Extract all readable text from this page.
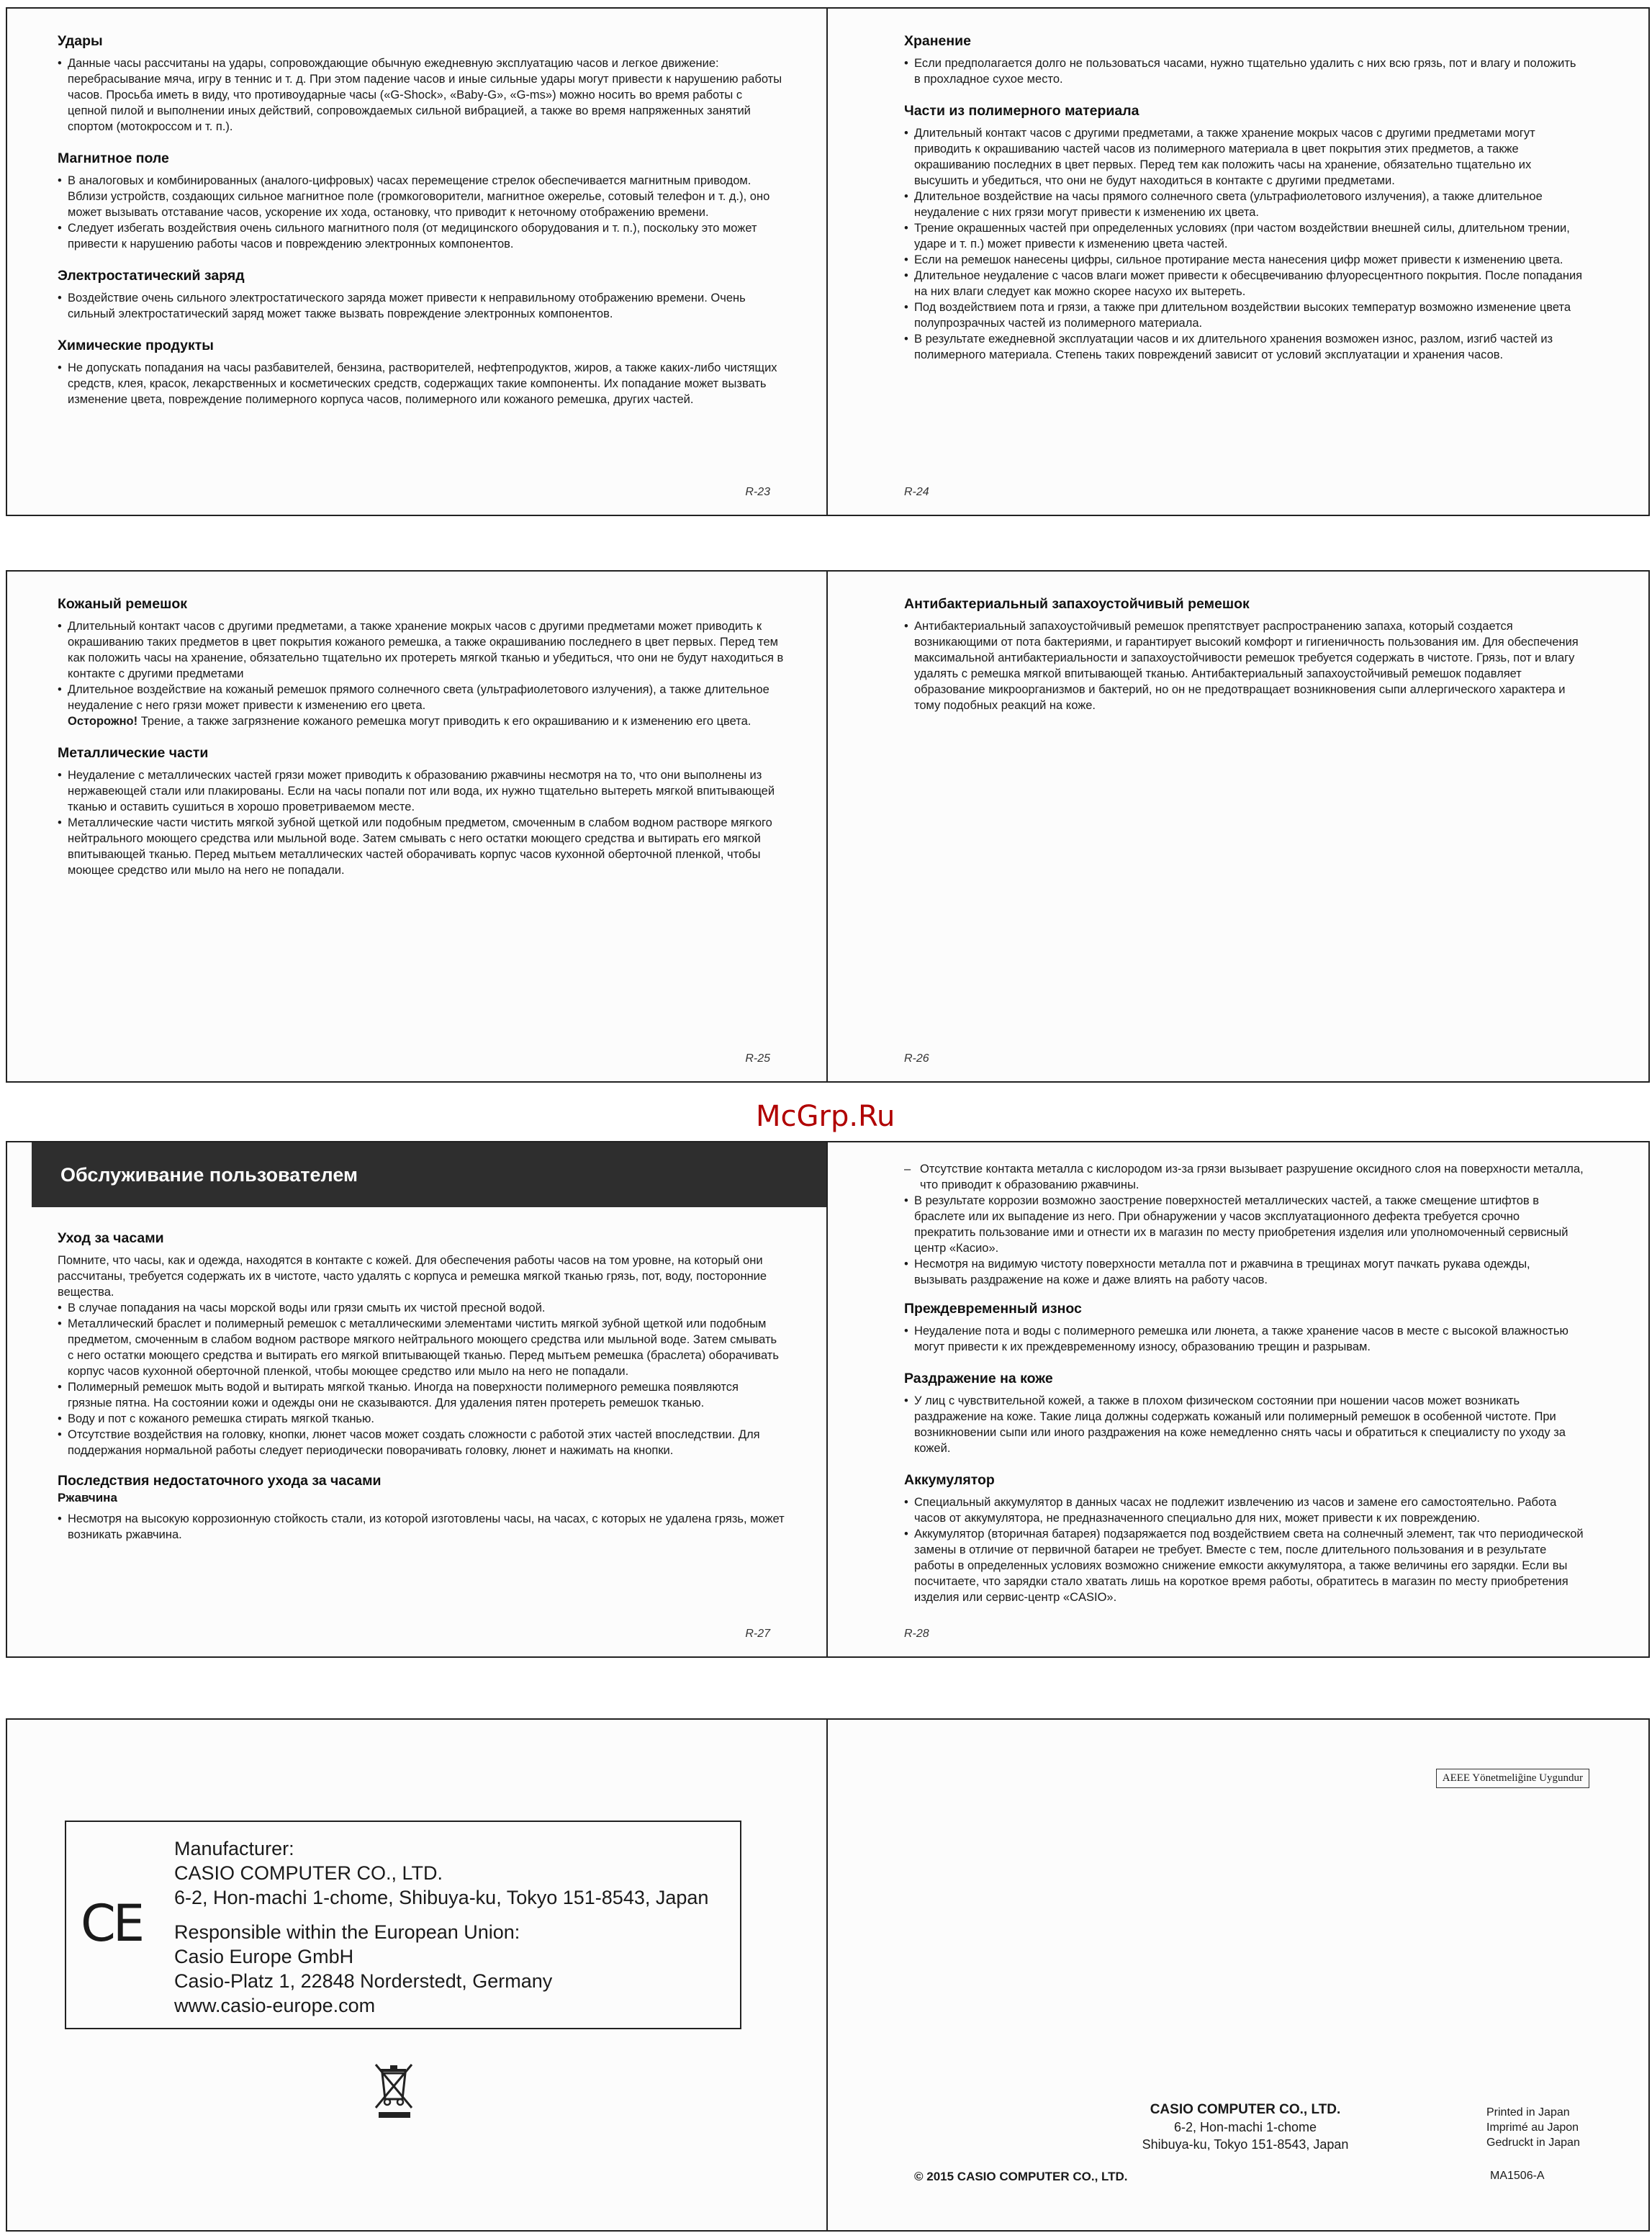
Удары
• Данные часы рассчитаны на удары, сопровождающие обычную ежедневную эксплуатацию часов и легкое движение: перебрасывание мяча, игру в теннис и т. д. При этом падение часов и иные сильные удары могут привести к нарушению работы часов. Просьба иметь в виду, что противоударные часы («G-Shock», «Baby-G», «G-ms») можно носить во время работы с цепной пилой и выполнении иных действий, сопровождаемых сильной вибрацией, а также во время напряженных занятий спортом (мотокроссом и т. п.).
Магнитное поле
• В аналоговых и комбинированных (аналого-цифровых) часах перемещение стрелок обеспечивается магнитным приводом. Вблизи устройств, создающих сильное магнитное поле (громкоговорители, магнитное ожерелье, сотовый телефон и т. д.), оно может вызывать отставание часов, ускорение их хода, остановку, что приводит к неточному отображению времени.
• Следует избегать воздействия очень сильного магнитного поля (от медицинского оборудования и т. п.), поскольку это может привести к нарушению работы часов и повреждению электронных компонентов.
Электростатический заряд
• Воздействие очень сильного электростатического заряда может привести к неправильному отображению времени. Очень сильный электростатический заряд может также вызвать повреждение электронных компонентов.
Химические продукты
• Не допускать попадания на часы разбавителей, бензина, растворителей, нефтепродуктов, жиров, а также каких-либо чистящих средств, клея, красок, лекарственных и косметических средств, содержащих такие компоненты. Их попадание может вызвать изменение цвета, повреждение полимерного корпуса часов, полимерного или кожаного ремешка, других частей.
R-23
Хранение
• Если предполагается долго не пользоваться часами, нужно тщательно удалить с них всю грязь, пот и влагу и положить в прохладное сухое место.
Части из полимерного материала
• Длительный контакт часов с другими предметами, а также хранение мокрых часов с другими предметами могут приводить к окрашиванию частей часов из полимерного материала в цвет покрытия этих предметов, а также окрашиванию последних в цвет первых. Перед тем как положить часы на хранение, обязательно тщательно их высушить и убедиться, что они не будут находиться в контакте с другими предметами.
• Длительное воздействие на часы прямого солнечного света (ультрафиолетового излучения), а также длительное неудаление с них грязи могут привести к изменению их цвета.
• Трение окрашенных частей при определенных условиях (при частом воздействии внешней силы, длительном трении, ударе и т. п.) может привести к изменению цвета частей.
• Если на ремешок нанесены цифры, сильное протирание места нанесения цифр может привести к изменению цвета.
• Длительное неудаление с часов влаги может привести к обесцвечиванию флуоресцентного покрытия. После попадания на них влаги следует как можно скорее насухо их вытереть.
• Под воздействием пота и грязи, а также при длительном воздействии высоких температур возможно изменение цвета полупрозрачных частей из полимерного материала.
• В результате ежедневной эксплуатации часов и их длительного хранения возможен износ, разлом, изгиб частей из полимерного материала. Степень таких повреждений зависит от условий эксплуатации и хранения часов.
R-24
Кожаный ремешок
• Длительный контакт часов с другими предметами, а также хранение мокрых часов с другими предметами может приводить к окрашиванию таких предметов в цвет покрытия кожаного ремешка, а также окрашиванию последнего в цвет первых. Перед тем как положить часы на хранение, обязательно тщательно их протереть мягкой тканью и убедиться, что они не будут находиться в контакте с другими предметами
• Длительное воздействие на кожаный ремешок прямого солнечного света (ультрафиолетового излучения), а также длительное неудаление с него грязи может привести к изменению его цвета.
Осторожно! Трение, а также загрязнение кожаного ремешка могут приводить к его окрашиванию и к изменению его цвета.
Металлические части
• Неудаление с металлических частей грязи может приводить к образованию ржавчины несмотря на то, что они выполнены из нержавеющей стали или плакированы. Если на часы попали пот или вода, их нужно тщательно вытереть мягкой впитывающей тканью и оставить сушиться в хорошо проветриваемом месте.
• Металлические части чистить мягкой зубной щеткой или подобным предметом, смоченным в слабом водном растворе мягкого нейтрального моющего средства или мыльной воде. Затем смывать с него остатки моющего средства и вытирать его мягкой впитывающей тканью. Перед мытьем металлических частей оборачивать корпус часов кухонной оберточной пленкой, чтобы моющее средство или мыло на него не попадали.
R-25
Антибактериальный запахоустойчивый ремешок
• Антибактериальный запахоустойчивый ремешок препятствует распространению запаха, который создается возникающими от пота бактериями, и гарантирует высокий комфорт и гигиеничность пользования им. Для обеспечения максимальной антибактериальности и запахоустойчивости ремешок требуется содержать в чистоте. Грязь, пот и влагу удалять с ремешка мягкой впитывающей тканью. Антибактериальный запахоустойчивый ремешок подавляет образование микроорганизмов и бактерий, но он не предотвращает возникновения сыпи аллергического характера и тому подобных реакций на коже.
R-26
McGrp.Ru
Обслуживание пользователем
Уход за часами

Помните, что часы, как и одежда, находятся в контакте с кожей. Для обеспечения работы часов на том уровне, на который они рассчитаны, требуется содержать их в чистоте, часто удалять с корпуса и ремешка мягкой тканью грязь, пот, воду, посторонние вещества.

• В случае попадания на часы морской воды или грязи смыть их чистой пресной водой.
• Металлический браслет и полимерный ремешок с металлическими элементами чистить мягкой зубной щеткой или подобным предметом, смоченным в слабом водном растворе мягкого нейтрального моющего средства или мыльной воде. Затем смывать с него остатки моющего средства и вытирать его мягкой впитывающей тканью. Перед мытьем ремешка (браслета) оборачивать корпус часов кухонной оберточной пленкой, чтобы моющее средство или мыло на него не попадали.
• Полимерный ремешок мыть водой и вытирать мягкой тканью. Иногда на поверхности полимерного ремешка появляются грязные пятна. На состоянии кожи и одежды они не сказываются. Для удаления пятен протереть ремешок тканью.
• Воду и пот с кожаного ремешка стирать мягкой тканью.
• Отсутствие воздействия на головку, кнопки, люнет часов может создать сложности с работой этих частей впоследствии. Для поддержания нормальной работы следует периодически поворачивать головку, люнет и нажимать на кнопки.
Последствия недостаточного ухода за часами
Ржавчина
• Несмотря на высокую коррозионную стойкость стали, из которой изготовлены часы, на часах, с которых не удалена грязь, может возникать ржавчина.
R-27
– Отсутствие контакта металла с кислородом из-за грязи вызывает разрушение оксидного слоя на поверхности металла, что приводит к образованию ржавчины.
• В результате коррозии возможно заострение поверхностей металлических частей, а также смещение штифтов в браслете или их выпадение из него. При обнаружении у часов эксплуатационного дефекта требуется срочно прекратить пользование ими и отнести их в магазин по месту приобретения изделия или уполномоченный сервисный центр «Касио».
• Несмотря на видимую чистоту поверхности металла пот и ржавчина в трещинах могут пачкать рукава одежды, вызывать раздражение на коже и даже влиять на работу часов.
Преждевременный износ
• Неудаление пота и воды с полимерного ремешка или люнета, а также хранение часов в месте с высокой влажностью могут привести к их преждевременному износу, образованию трещин и разрывам.
Раздражение на коже
• У лиц с чувствительной кожей, а также в плохом физическом состоянии при ношении часов может возникать раздражение на коже. Такие лица должны содержать кожаный или полимерный ремешок в особенной чистоте. При возникновении сыпи или иного раздражения на коже немедленно снять часы и обратиться к специалисту по уходу за кожей.
Аккумулятор
• Специальный аккумулятор в данных часах не подлежит извлечению из часов и замене его самостоятельно. Работа часов от аккумулятора, не предназначенного специально для них, может привести к их повреждению.
• Аккумулятор (вторичная батарея) подзаряжается под воздействием света на солнечный элемент, так что периодической замены в отличие от первичной батареи не требует. Вместе с тем, после длительного пользования и в результате работы в определенных условиях возможно снижение емкости аккумулятора, а также величины его зарядки. Если вы посчитаете, что зарядки стало хватать лишь на короткое время работы, обратитесь в магазин по месту приобретения изделия или сервис-центр «CASIO».
R-28
CE
Manufacturer:
CASIO COMPUTER CO., LTD.
6-2, Hon-machi 1-chome, Shibuya-ku, Tokyo 151-8543, Japan
Responsible within the European Union:
Casio Europe GmbH
Casio-Platz 1, 22848 Norderstedt, Germany
www.casio-europe.com
AEEE Yönetmeliğine Uygundur
CASIO COMPUTER CO., LTD.
6-2, Hon-machi 1-chome
Shibuya-ku, Tokyo 151-8543, Japan
Printed in Japan
Imprimé au Japon
Gedruckt in Japan
© 2015 CASIO COMPUTER CO., LTD.	MA1506-A
